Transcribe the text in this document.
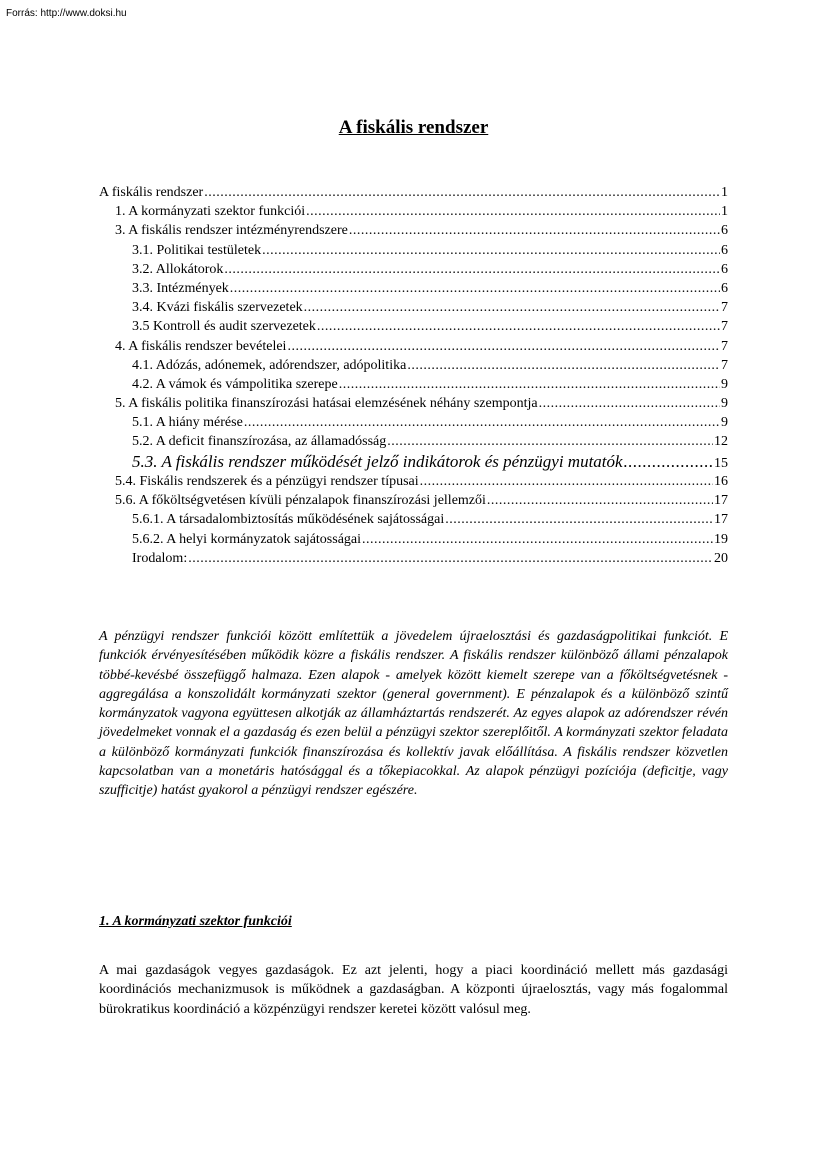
Forrás: http://www.doksi.hu
A fiskális rendszer
A fiskális rendszer .....	1
1. A kormányzati szektor funkciói .....	1
3. A fiskális rendszer intézményrendszere .....	6
3.1. Politikai testületek .....	6
3.2. Allokátorok .....	6
3.3. Intézmények .....	6
3.4. Kvázi fiskális szervezetek .....	7
3.5 Kontroll és audit szervezetek .....	7
4. A fiskális rendszer bevételei .....	7
4.1. Adózás, adónemek, adórendszer, adópolitika .....	7
4.2. A vámok és vámpolitika szerepe .....	9
5. A fiskális politika finanszírozási hatásai elemzésének néhány szempontja .....	9
5.1. A hiány mérése .....	9
5.2. A deficit finanszírozása, az államadósság .....	12
5.3. A fiskális rendszer működését jelző indikátorok és pénzügyi mutatók .....	15
5.4. Fiskális rendszerek és a pénzügyi rendszer típusai .....	16
5.6. A főköltségvetésen kívüli pénzalapok finanszírozási jellemzői .....	17
5.6.1. A társadalombiztosítás működésének sajátosságai .....	17
5.6.2. A helyi kormányzatok sajátosságai .....	19
Irodalom: .....	20

A pénzügyi rendszer funkciói között említettük a jövedelem újraelosztási és gazdaságpolitikai funkciót. E funkciók érvényesítésében működik közre a fiskális rendszer. A fiskális rendszer különböző állami pénzalapok többé-kevésbé összefüggő halmaza. Ezen alapok - amelyek között kiemelt szerepe van a főköltségvetésnek - aggregálása a konszolidált kormányzati szektor (general government). E pénzalapok és a különböző szintű kormányzatok vagyona együttesen alkotják az államháztartás rendszerét. Az egyes alapok az adórendszer révén jövedelmeket vonnak el a gazdaság és ezen belül a pénzügyi szektor szereplőitől. A kormányzati szektor feladata a különböző kormányzati funkciók finanszírozása és kollektív javak előállítása. A fiskális rendszer közvetlen kapcsolatban van a monetáris hatósággal és a tőkepiacokkal. Az alapok pénzügyi pozíciója (deficitje, vagy szufficitje) hatást gyakorol a pénzügyi rendszer egészére.

1. A kormányzati szektor funkciói

A mai gazdaságok vegyes gazdaságok. Ez azt jelenti, hogy a piaci koordináció mellett más gazdasági koordinációs mechanizmusok is működnek a gazdaságban. A központi újraelosztás, vagy más fogalommal bürokratikus koordináció a közpénzügyi rendszer keretei között valósul meg.
